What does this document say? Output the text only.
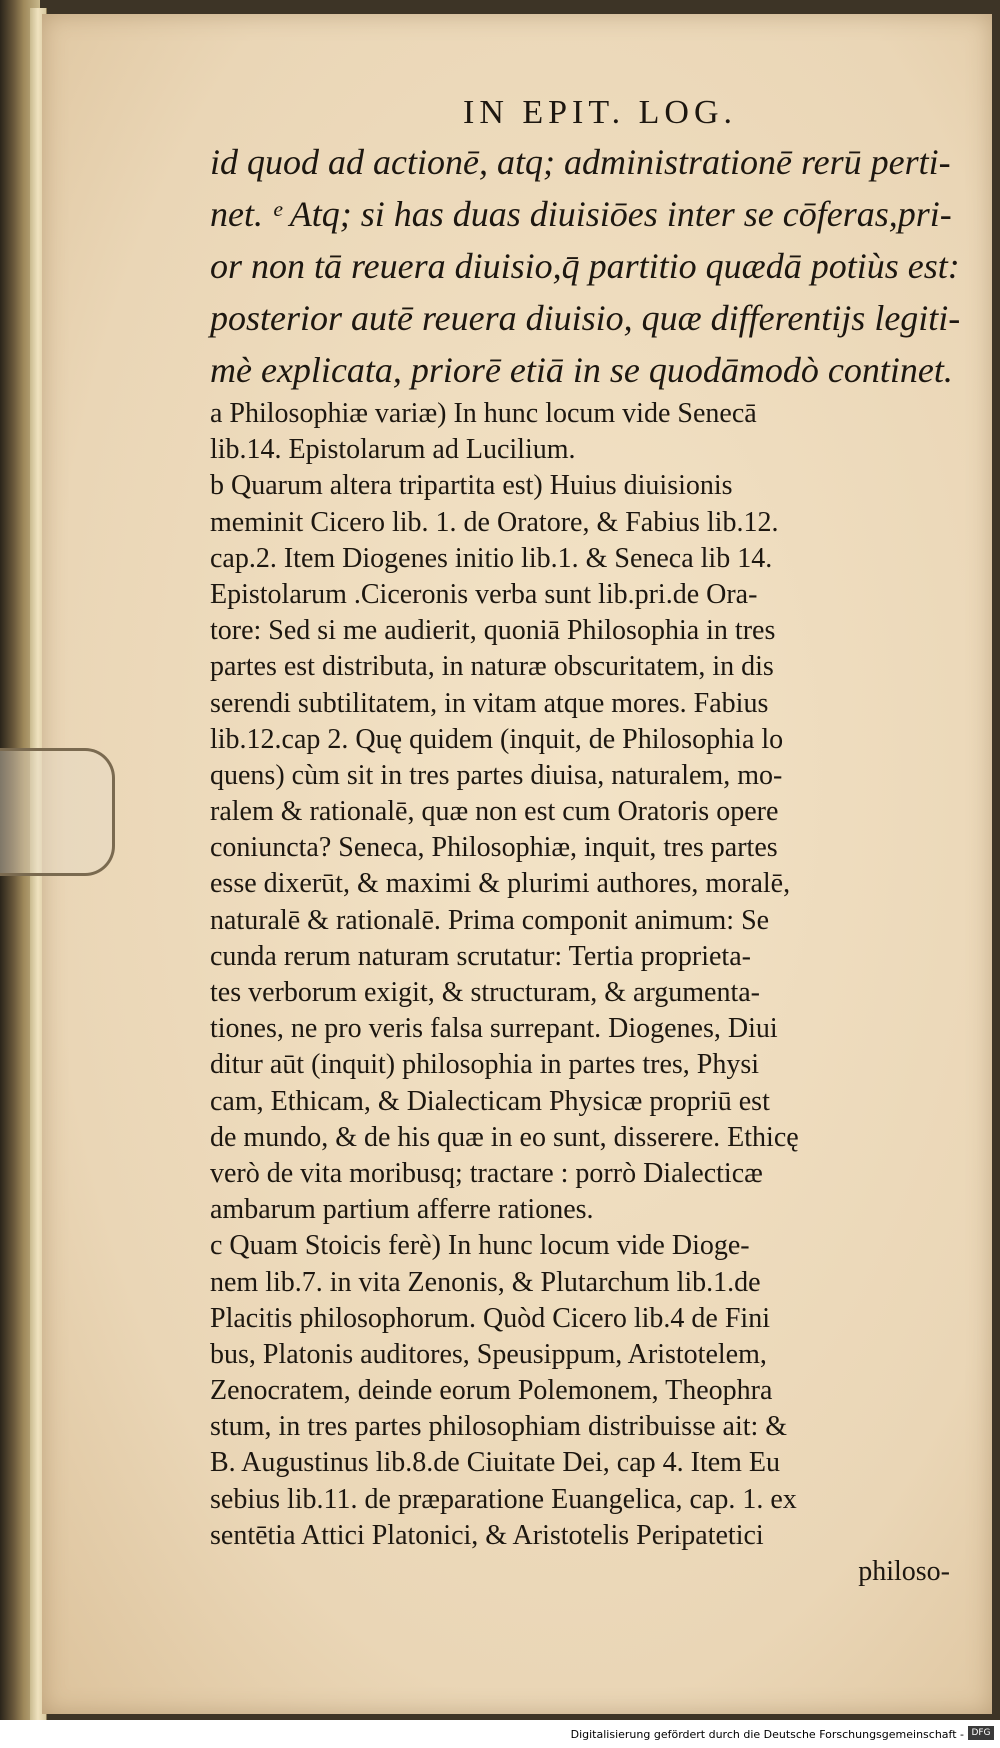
IN EPIT. LOG.
id quod ad actionē, atq; administrationē rerū perti-
net. ᵉ Atq; si has duas diuisiōes inter se cōferas,pri-
or non tā reuera diuisio,q̄ partitio quædā potiùs est:
posterior autē reuera diuisio, quæ differentijs legiti-
mè explicata, priorē etiā in se quodāmodò continet.
a Philosophiæ variæ) In hunc locum vide Senecā
lib.14. Epistolarum ad Lucilium.
b Quarum altera tripartita est) Huius diuisionis
meminit Cicero lib. 1. de Oratore, & Fabius lib.12.
cap.2. Item Diogenes initio lib.1. & Seneca lib 14.
Epistolarum .Ciceronis verba sunt lib.pri.de Ora-
tore: Sed si me audierit, quoniā Philosophia in tres
partes est distributa, in naturæ obscuritatem, in dis
serendi subtilitatem, in vitam atque mores. Fabius
lib.12.cap 2. Quę quidem (inquit, de Philosophia lo
quens) cùm sit in tres partes diuisa, naturalem, mo-
ralem & rationalē, quæ non est cum Oratoris opere
coniuncta? Seneca, Philosophiæ, inquit, tres partes
esse dixerūt, & maximi & plurimi authores, moralē,
naturalē & rationalē. Prima componit animum: Se
cunda rerum naturam scrutatur: Tertia proprieta-
tes verborum exigit, & structuram, & argumenta-
tiones, ne pro veris falsa surrepant. Diogenes, Diui
ditur aūt (inquit) philosophia in partes tres, Physi
cam, Ethicam, & Dialecticam Physicæ propriū est
de mundo, & de his quæ in eo sunt, disserere. Ethicę
verò de vita moribusq; tractare : porrò Dialecticæ
ambarum partium afferre rationes.
c Quam Stoicis ferè) In hunc locum vide Dioge-
nem lib.7. in vita Zenonis, & Plutarchum lib.1.de
Placitis philosophorum. Quòd Cicero lib.4 de Fini
bus, Platonis auditores, Speusippum, Aristotelem,
Zenocratem, deinde eorum Polemonem, Theophra
stum, in tres partes philosophiam distribuisse ait: &
B. Augustinus lib.8.de Ciuitate Dei, cap 4. Item Eu
sebius lib.11. de præparatione Euangelica, cap. 1. ex
sentētia Attici Platonici, & Aristotelis Peripatetici
philoso-
Digitalisierung gefördert durch die Deutsche Forschungsgemeinschaft - DFG
